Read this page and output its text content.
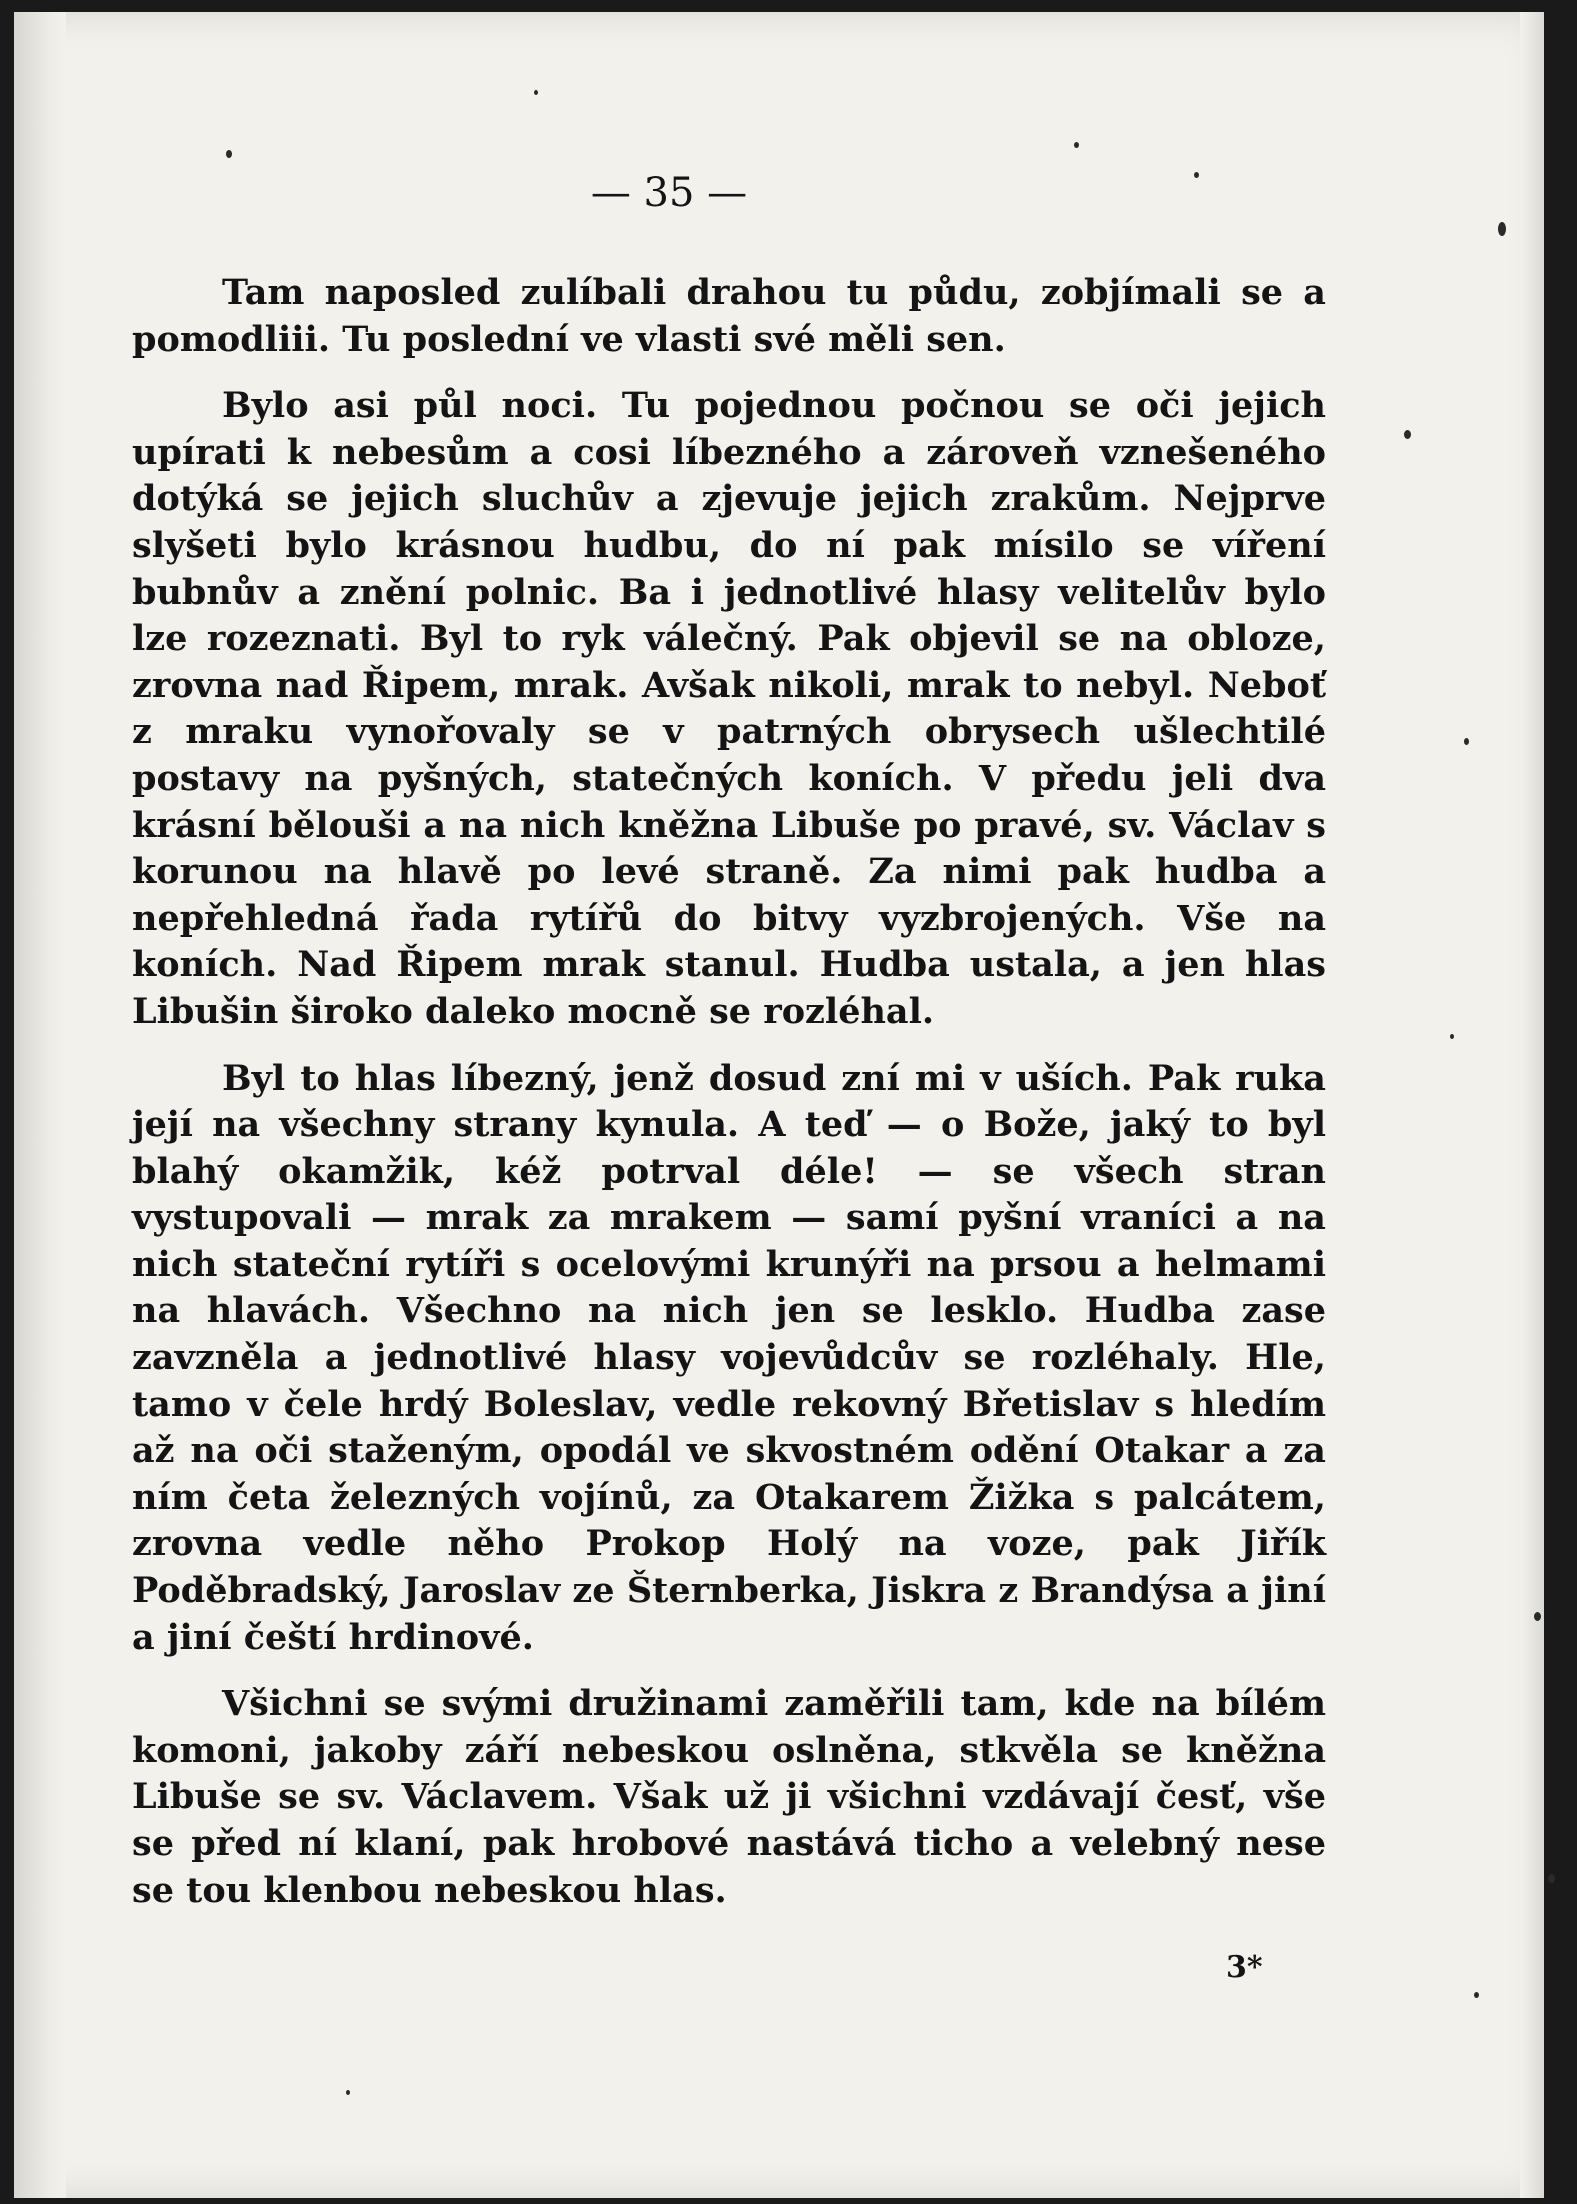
— 35 —

Tam naposled zulíbali drahou tu půdu, zobjímali se a pomodliii. Tu poslední ve vlasti své měli sen.

Bylo asi půl noci. Tu pojednou počnou se oči jejich upírati k nebesům a cosi líbezného a zároveň vznešeného dotýká se jejich sluchův a zjevuje jejich zrakům. Nejprve slyšeti bylo krásnou hudbu, do ní pak mísilo se víření bubnův a znění polnic. Ba i jednotlivé hlasy velitelův bylo lze rozeznati. Byl to ryk válečný. Pak objevil se na obloze, zrovna nad Řipem, mrak. Avšak nikoli, mrak to nebyl. Neboť z mraku vynořovaly se v patrných obrysech ušlechtilé postavy na pyšných, statečných koních. V předu jeli dva krásní bělouši a na nich kněžna Libuše po pravé, sv. Václav s korunou na hlavě po levé straně. Za nimi pak hudba a nepřehledná řada rytířů do bitvy vyzbrojených. Vše na koních. Nad Řipem mrak stanul. Hudba ustala, a jen hlas Libušin široko daleko mocně se rozléhal.

Byl to hlas líbezný, jenž dosud zní mi v uších. Pak ruka její na všechny strany kynula. A teď — o Bože, jaký to byl blahý okamžik, kéž potrval déle! — se všech stran vystupovali — mrak za mrakem — samí pyšní vraníci a na nich stateční rytíři s ocelovými krunýři na prsou a helmami na hlavách. Všechno na nich jen se lesklo. Hudba zase zavzněla a jednotlivé hlasy vojevůdcův se rozléhaly. Hle, tamo v čele hrdý Boleslav, vedle rekovný Břetislav s hledím až na oči staženým, opodál ve skvostném odění Otakar a za ním četa železných vojínů, za Otakarem Žižka s palcátem, zrovna vedle něho Prokop Holý na voze, pak Jiřík Poděbradský, Jaroslav ze Šternberka, Jiskra z Brandýsa a jiní a jiní čeští hrdinové.

Všichni se svými družinami zaměřili tam, kde na bílém komoni, jakoby září nebeskou oslněna, stkvěla se kněžna Libuše se sv. Václavem. Však už ji všichni vzdávají česť, vše se před ní klaní, pak hrobové nastává ticho a velebný nese se tou klenbou nebeskou hlas.

3*
